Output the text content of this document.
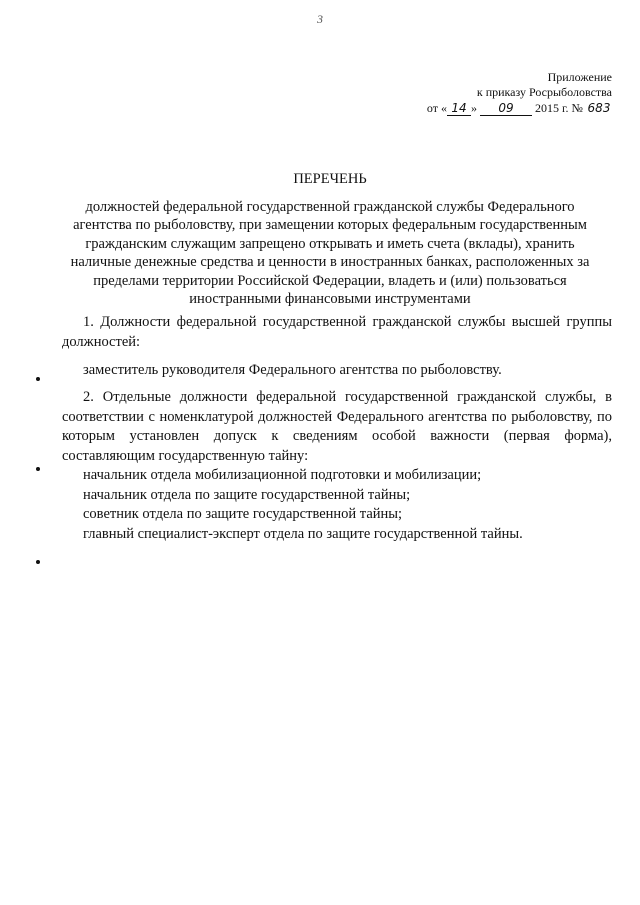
3
Приложение
к приказу Росрыболовства
от « 14 » 09 2015 г. № 683
ПЕРЕЧЕНЬ

должностей федеральной государственной гражданской службы Федерального агентства по рыболовству, при замещении которых федеральным государственным гражданским служащим запрещено открывать и иметь счета (вклады), хранить наличные денежные средства и ценности в иностранных банках, расположенных за пределами территории Российской Федерации, владеть и (или) пользоваться иностранными финансовыми инструментами

1. Должности федеральной государственной гражданской службы высшей группы должностей:

заместитель руководителя Федерального агентства по рыболовству.

2. Отдельные должности федеральной государственной гражданской службы, в соответствии с номенклатурой должностей Федерального агентства по рыболовству, по которым установлен допуск к сведениям особой важности (первая форма), составляющим государственную тайну:

начальник отдела мобилизационной подготовки и мобилизации;

начальник отдела по защите государственной тайны;

советник отдела по защите государственной тайны;

главный специалист-эксперт отдела по защите государственной тайны.
